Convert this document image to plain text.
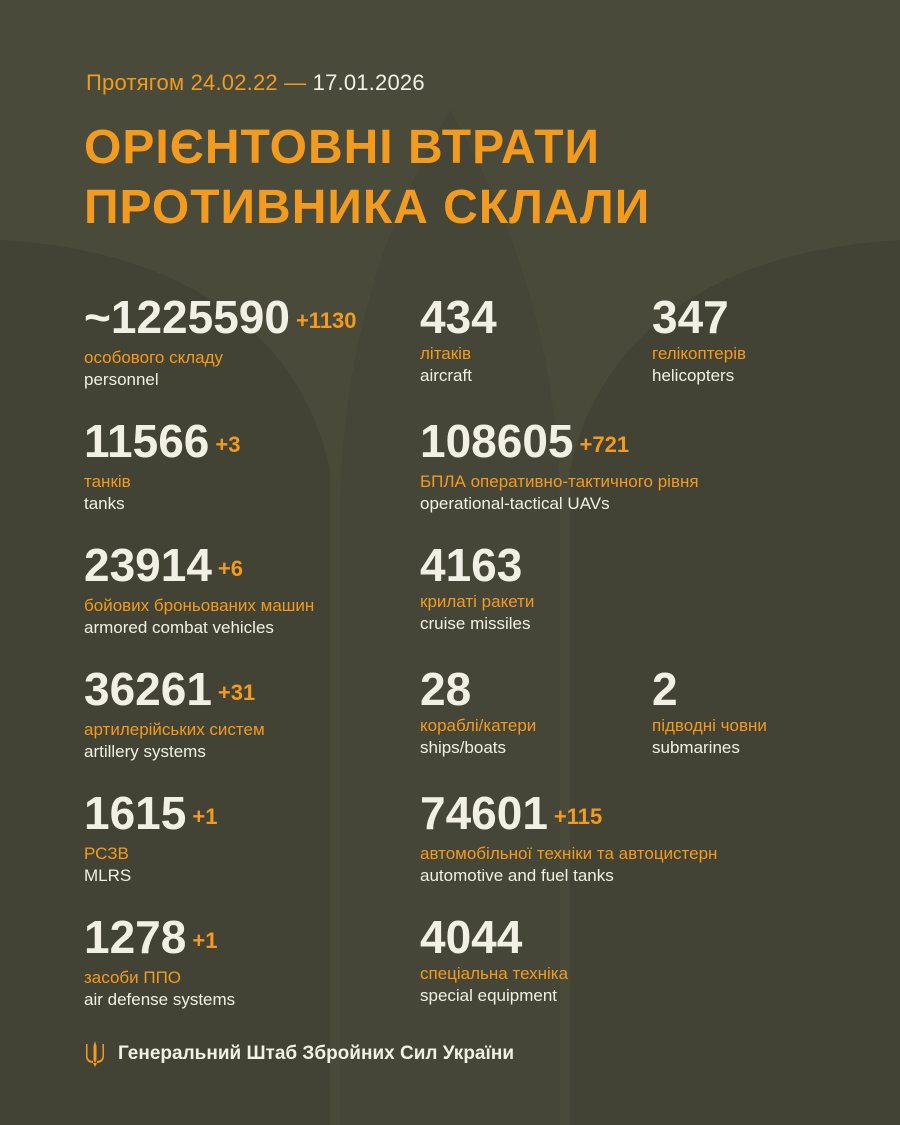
Протягом 24.02.22 — 17.01.2026
ОРІЄНТОВНІ ВТРАТИ
ПРОТИВНИКА СКЛАЛИ
~1225590 +1130
особового складу
personnel
434
літаків
aircraft
347
гелікоптерів
helicopters
11566 +3
танків
tanks
108605 +721
БПЛА оперативно-тактичного рівня
operational-tactical UAVs
23914 +6
бойових броньованих машин
armored combat vehicles
4163
крилаті ракети
cruise missiles
36261 +31
артилерійських систем
artillery systems
28
кораблі/катери
ships/boats
2
підводні човни
submarines
1615 +1
РСЗВ
MLRS
74601 +115
автомобільної техніки та автоцистерн
automotive and fuel tanks
1278 +1
засоби ППО
air defense systems
4044
спеціальна техніка
special equipment
Генеральний Штаб Збройних Сил України
